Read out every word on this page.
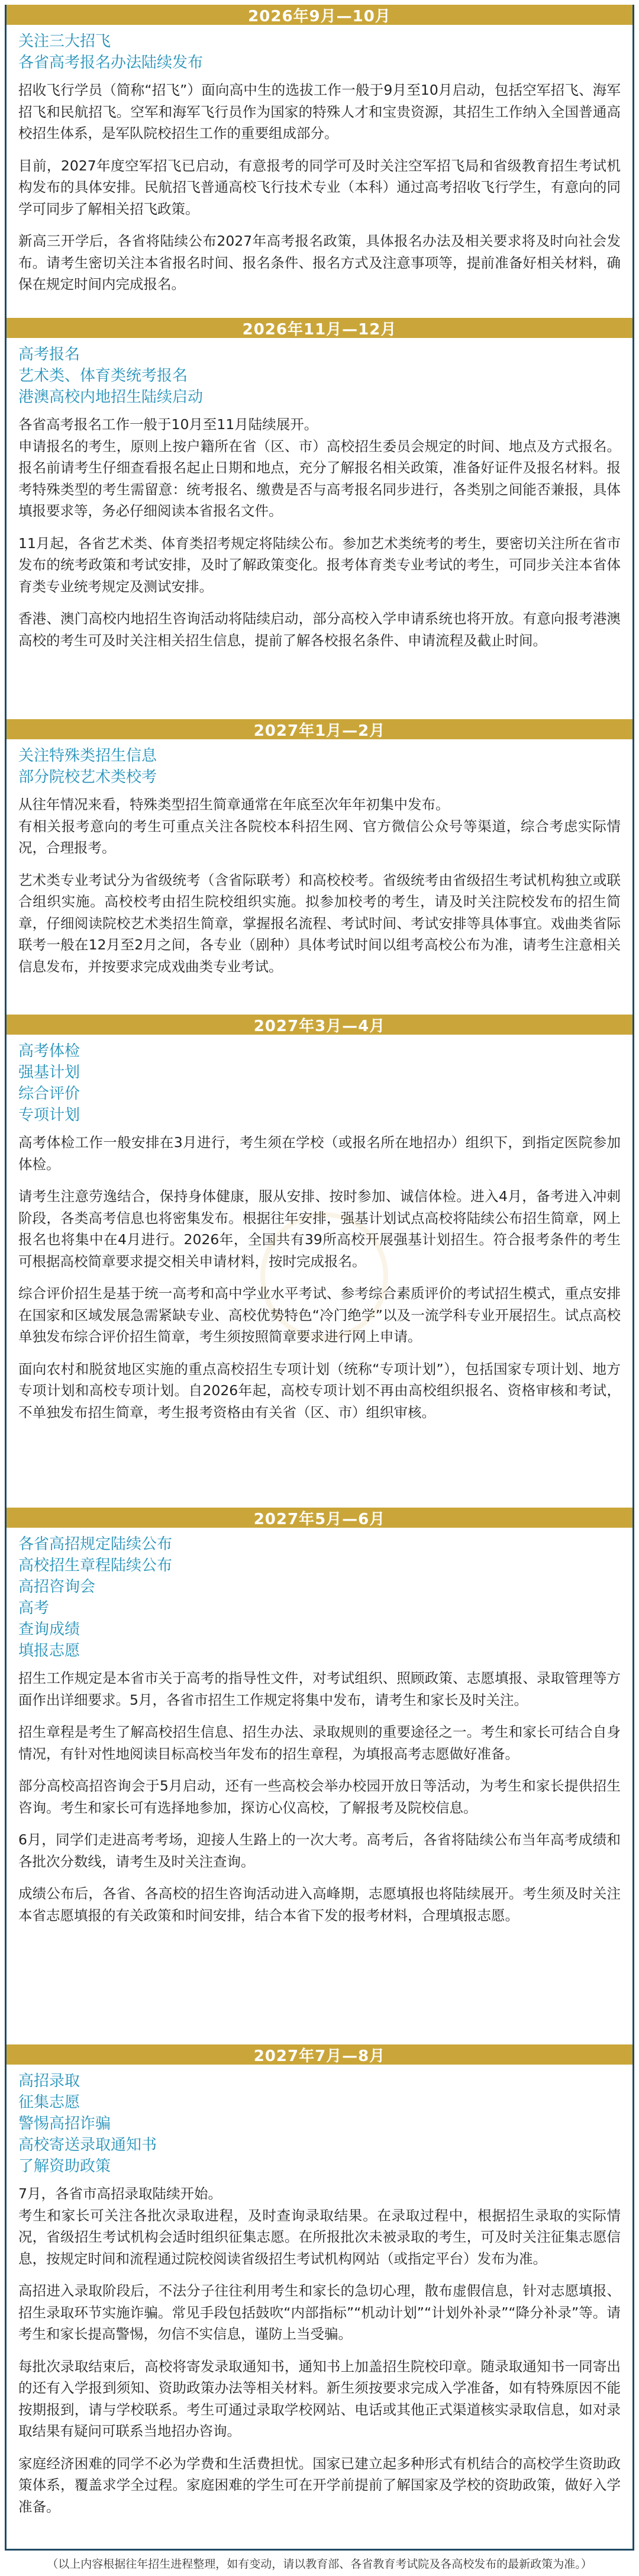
2026年9月—10月
关注三大招飞
各省高考报名办法陆续发布

招收飞行学员（简称“招飞”）面向高中生的选拔工作一般于9月至10月启动，包括空军招飞、海军招飞和民航招飞。空军和海军飞行员作为国家的特殊人才和宝贵资源，其招生工作纳入全国普通高校招生体系，是军队院校招生工作的重要组成部分。

目前，2027年度空军招飞已启动，有意报考的同学可及时关注空军招飞局和省级教育招生考试机构发布的具体安排。民航招飞普通高校飞行技术专业（本科）通过高考招收飞行学生，有意向的同学可同步了解相关招飞政策。

新高三开学后，各省将陆续公布2027年高考报名政策，具体报名办法及相关要求将及时向社会发布。请考生密切关注本省报名时间、报名条件、报名方式及注意事项等，提前准备好相关材料，确保在规定时间内完成报名。

2026年11月—12月
高考报名
艺术类、体育类统考报名
港澳高校内地招生陆续启动

各省高考报名工作一般于10月至11月陆续展开。

申请报名的考生，原则上按户籍所在省（区、市）高校招生委员会规定的时间、地点及方式报名。报名前请考生仔细查看报名起止日期和地点，充分了解报名相关政策，准备好证件及报名材料。报考特殊类型的考生需留意：统考报名、缴费是否与高考报名同步进行，各类别之间能否兼报，具体填报要求等，务必仔细阅读本省报名文件。

11月起，各省艺术类、体育类招考规定将陆续公布。参加艺术类统考的考生，要密切关注所在省市发布的统考政策和考试安排，及时了解政策变化。报考体育类专业考试的考生，可同步关注本省体育类专业统考规定及测试安排。

香港、澳门高校内地招生咨询活动将陆续启动，部分高校入学申请系统也将开放。有意向报考港澳高校的考生可及时关注相关招生信息，提前了解各校报名条件、申请流程及截止时间。

2027年1月—2月
关注特殊类招生信息
部分院校艺术类校考

从往年情况来看，特殊类型招生简章通常在年底至次年年初集中发布。

有相关报考意向的考生可重点关注各院校本科招生网、官方微信公众号等渠道，综合考虑实际情况，合理报考。

艺术类专业考试分为省级统考（含省际联考）和高校校考。省级统考由省级招生考试机构独立或联合组织实施。高校校考由招生院校组织实施。拟参加校考的考生，请及时关注院校发布的招生简章，仔细阅读院校艺术类招生简章，掌握报名流程、考试时间、考试安排等具体事宜。戏曲类省际联考一般在12月至2月之间，各专业（剧种）具体考试时间以组考高校公布为准，请考生注意相关信息发布，并按要求完成戏曲类专业考试。

2027年3月—4月
高考体检
强基计划
综合评价
专项计划

高考体检工作一般安排在3月进行，考生须在学校（或报名所在地招办）组织下，到指定医院参加体检。

请考生注意劳逸结合，保持身体健康，服从安排、按时参加、诚信体检。进入4月，备考进入冲刺阶段，各类高考信息也将密集发布。根据往年安排，强基计划试点高校将陆续公布招生简章，网上报名也将集中在4月进行。2026年，全国共有39所高校开展强基计划招生。符合报考条件的考生可根据高校简章要求提交相关申请材料，按时完成报名。

综合评价招生是基于统一高考和高中学业水平考试、参考综合素质评价的考试招生模式，重点安排在国家和区域发展急需紧缺专业、高校优势特色“冷门绝学”以及一流学科专业开展招生。试点高校单独发布综合评价招生简章，考生须按照简章要求进行网上申请。

面向农村和脱贫地区实施的重点高校招生专项计划（统称“专项计划”），包括国家专项计划、地方专项计划和高校专项计划。自2026年起，高校专项计划不再由高校组织报名、资格审核和考试，不单独发布招生简章，考生报考资格由有关省（区、市）组织审核。

2027年5月—6月
各省高招规定陆续公布
高校招生章程陆续公布
高招咨询会
高考
查询成绩
填报志愿

招生工作规定是本省市关于高考的指导性文件，对考试组织、照顾政策、志愿填报、录取管理等方面作出详细要求。5月，各省市招生工作规定将集中发布，请考生和家长及时关注。

招生章程是考生了解高校招生信息、招生办法、录取规则的重要途径之一。考生和家长可结合自身情况，有针对性地阅读目标高校当年发布的招生章程，为填报高考志愿做好准备。

部分高校高招咨询会于5月启动，还有一些高校会举办校园开放日等活动，为考生和家长提供招生咨询。考生和家长可有选择地参加，探访心仪高校，了解报考及院校信息。

6月，同学们走进高考考场，迎接人生路上的一次大考。高考后，各省将陆续公布当年高考成绩和各批次分数线，请考生及时关注查询。

成绩公布后，各省、各高校的招生咨询活动进入高峰期，志愿填报也将陆续展开。考生须及时关注本省志愿填报的有关政策和时间安排，结合本省下发的报考材料，合理填报志愿。

2027年7月—8月
高招录取
征集志愿
警惕高招诈骗
高校寄送录取通知书
了解资助政策

7月，各省市高招录取陆续开始。

考生和家长可关注各批次录取进程，及时查询录取结果。在录取过程中，根据招生录取的实际情况，省级招生考试机构会适时组织征集志愿。在所报批次未被录取的考生，可及时关注征集志愿信息，按规定时间和流程通过院校阅读省级招生考试机构网站（或指定平台）发布为准。

高招进入录取阶段后，不法分子往往利用考生和家长的急切心理，散布虚假信息，针对志愿填报、招生录取环节实施诈骗。常见手段包括鼓吹“内部指标”“机动计划”“计划外补录”“降分补录”等。请考生和家长提高警惕，勿信不实信息，谨防上当受骗。

每批次录取结束后，高校将寄发录取通知书，通知书上加盖招生院校印章。随录取通知书一同寄出的还有入学报到须知、资助政策办法等相关材料。新生须按要求完成入学准备，如有特殊原因不能按期报到，请与学校联系。考生可通过录取学校网站、电话或其他正式渠道核实录取信息，如对录取结果有疑问可联系当地招办咨询。

家庭经济困难的同学不必为学费和生活费担忧。国家已建立起多种形式有机结合的高校学生资助政策体系，覆盖求学全过程。家庭困难的学生可在开学前提前了解国家及学校的资助政策，做好入学准备。

（以上内容根据往年招生进程整理，如有变动，请以教育部、各省教育考试院及各高校发布的最新政策为准。）
